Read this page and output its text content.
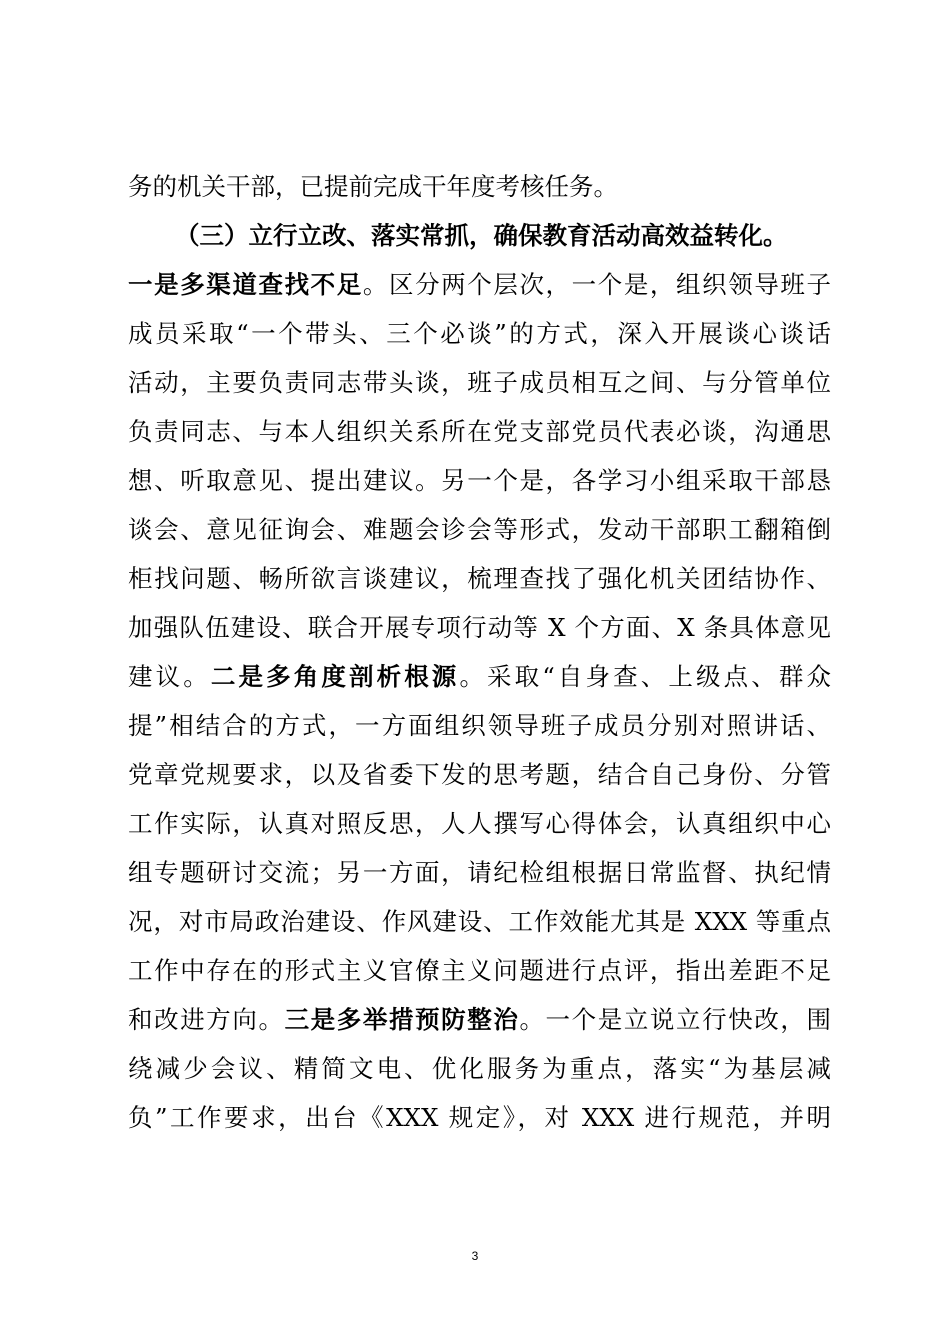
务的机关干部，已提前完成干年度考核任务。
（三）立行立改、落实常抓，确保教育活动高效益转化。
一是多渠道查找不足。区分两个层次，一个是，组织领导班子
成员采取“一个带头、三个必谈”的方式，深入开展谈心谈话
活动，主要负责同志带头谈，班子成员相互之间、与分管单位
负责同志、与本人组织关系所在党支部党员代表必谈，沟通思
想、听取意见、提出建议。另一个是，各学习小组采取干部恳
谈会、意见征询会、难题会诊会等形式，发动干部职工翻箱倒
柜找问题、畅所欲言谈建议，梳理查找了强化机关团结协作、
加强队伍建设、联合开展专项行动等 X 个方面、X 条具体意见
建议。二是多角度剖析根源。采取“自身查、上级点、群众
提”相结合的方式，一方面组织领导班子成员分别对照讲话、
党章党规要求，以及省委下发的思考题，结合自己身份、分管
工作实际，认真对照反思，人人撰写心得体会，认真组织中心
组专题研讨交流；另一方面，请纪检组根据日常监督、执纪情
况，对市局政治建设、作风建设、工作效能尤其是 XXX 等重点
工作中存在的形式主义官僚主义问题进行点评，指出差距不足
和改进方向。三是多举措预防整治。一个是立说立行快改，围
绕减少会议、精简文电、优化服务为重点，落实“为基层减
负”工作要求，出台《XXX 规定》，对 XXX 进行规范，并明
3
